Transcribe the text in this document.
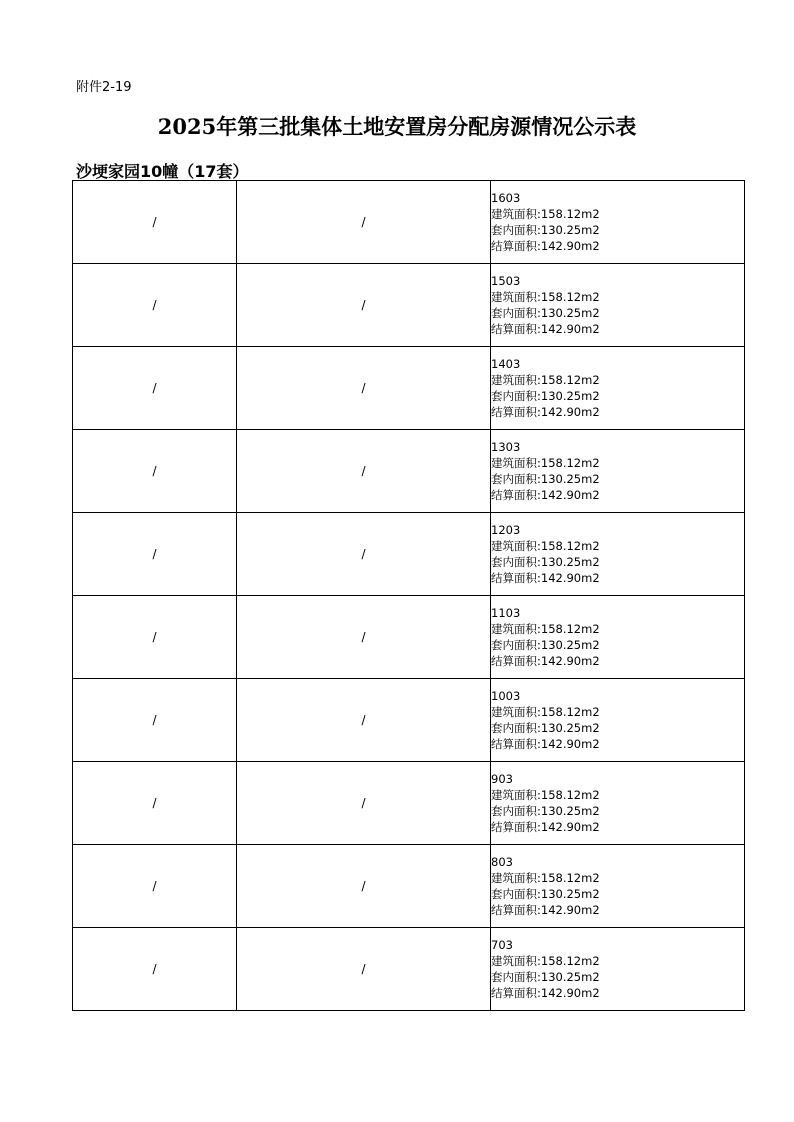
附件2-19
2025年第三批集体土地安置房分配房源情况公示表
沙埂家园10幢（17套）
/	/	1603
建筑面积:158.12m2
套内面积:130.25m2
结算面积:142.90m2

/	/	1503
建筑面积:158.12m2
套内面积:130.25m2
结算面积:142.90m2

/	/	1403
建筑面积:158.12m2
套内面积:130.25m2
结算面积:142.90m2

/	/	1303
建筑面积:158.12m2
套内面积:130.25m2
结算面积:142.90m2

/	/	1203
建筑面积:158.12m2
套内面积:130.25m2
结算面积:142.90m2

/	/	1103
建筑面积:158.12m2
套内面积:130.25m2
结算面积:142.90m2

/	/	1003
建筑面积:158.12m2
套内面积:130.25m2
结算面积:142.90m2

/	/	903
建筑面积:158.12m2
套内面积:130.25m2
结算面积:142.90m2

/	/	803
建筑面积:158.12m2
套内面积:130.25m2
结算面积:142.90m2

/	/	703
建筑面积:158.12m2
套内面积:130.25m2
结算面积:142.90m2
